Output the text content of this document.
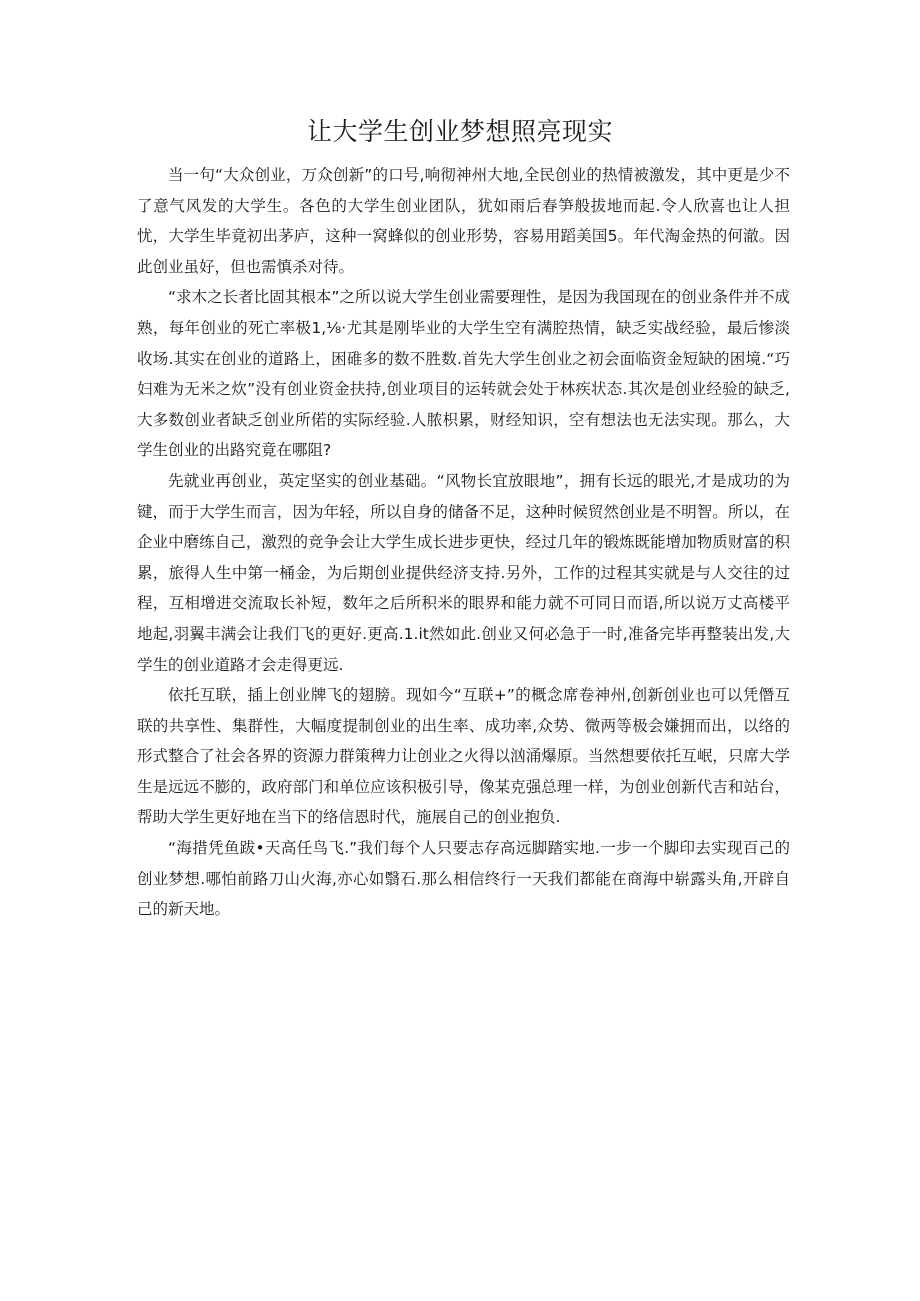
让大学生创业梦想照亮现实

当一句“大众创业，万众创新”的口号,响彻神州大地,全民创业的热情被激发，其中更是少不了意气风发的大学生。各色的大学生创业团队，犹如雨后春笋般拔地而起.令人欣喜也让人担忧，大学生毕竟初出茅庐，这种一窝蜂似的创业形势，容易用蹈美国5。年代淘金热的何澈。因此创业虽好，但也需慎杀对待。

“求木之长者比固其根本”之所以说大学生创业需要理性，是因为我国现在的创业条件并不成熟，每年创业的死亡率极1,⅛·尤其是刚毕业的大学生空有满腔热情，缺乏实战经验，最后惨淡收场.其实在创业的道路上，困碓多的数不胜数.首先大学生创业之初会面临资金短缺的困境.“巧妇难为无米之炊”没有创业资金扶持,创业项目的运转就会处于林疾状态.其次是创业经验的缺乏,大多数创业者缺乏创业所偌的实际经验.人脓枳累，财经知识，空有想法也无法实现。那么，大学生创业的出路究竟在哪阻?

先就业再创业，英定坚实的创业基础。“风物长宜放眼地”，拥有长远的眼光,才是成功的为键，而于大学生而言，因为年轻，所以自身的储备不足，这种时候贸然创业是不明智。所以，在企业中磨练自己，激烈的竞争会让大学生成长进步更快，经过几年的锻炼既能增加物质财富的积累，旅得人生中第一桶金，为后期创业提供经济支持.另外，工作的过程其实就是与人交往的过程，互相增进交流取长补短，数年之后所积米的眼界和能力就不可同日而语,所以说万丈高楼平地起,羽翼丰满会让我们飞的更好.更高.1.it然如此.创业又何必急于一时,准备完毕再整装出发,大学生的创业道路才会走得更远.

依托互联，插上创业牌飞的翅膀。现如今“互联+”的概念席卷神州,创新创业也可以凭僭互联的共享性、集群性，大幅度提制创业的出生率、成功率,众势、微两等极会嫌拥而出，以络的形式整合了社会各界的资源力群策稗力让创业之火得以汹涌爆原。当然想要依托互岷，只席大学生是远远不膨的，政府部门和单位应该积极引导，像某克强总理一样，为创业创新代吉和站台，帮助大学生更好地在当下的络信恩时代，施展自己的创业抱负.

“海措凭鱼跋•天高任鸟飞.”我们每个人只要志存高远脚踏实地.一步一个脚印去实现百己的创业梦想.哪怕前路刀山火海,亦心如翳石.那么相信终行一天我们都能在商海中崭露头角,开辟自己的新天地。
